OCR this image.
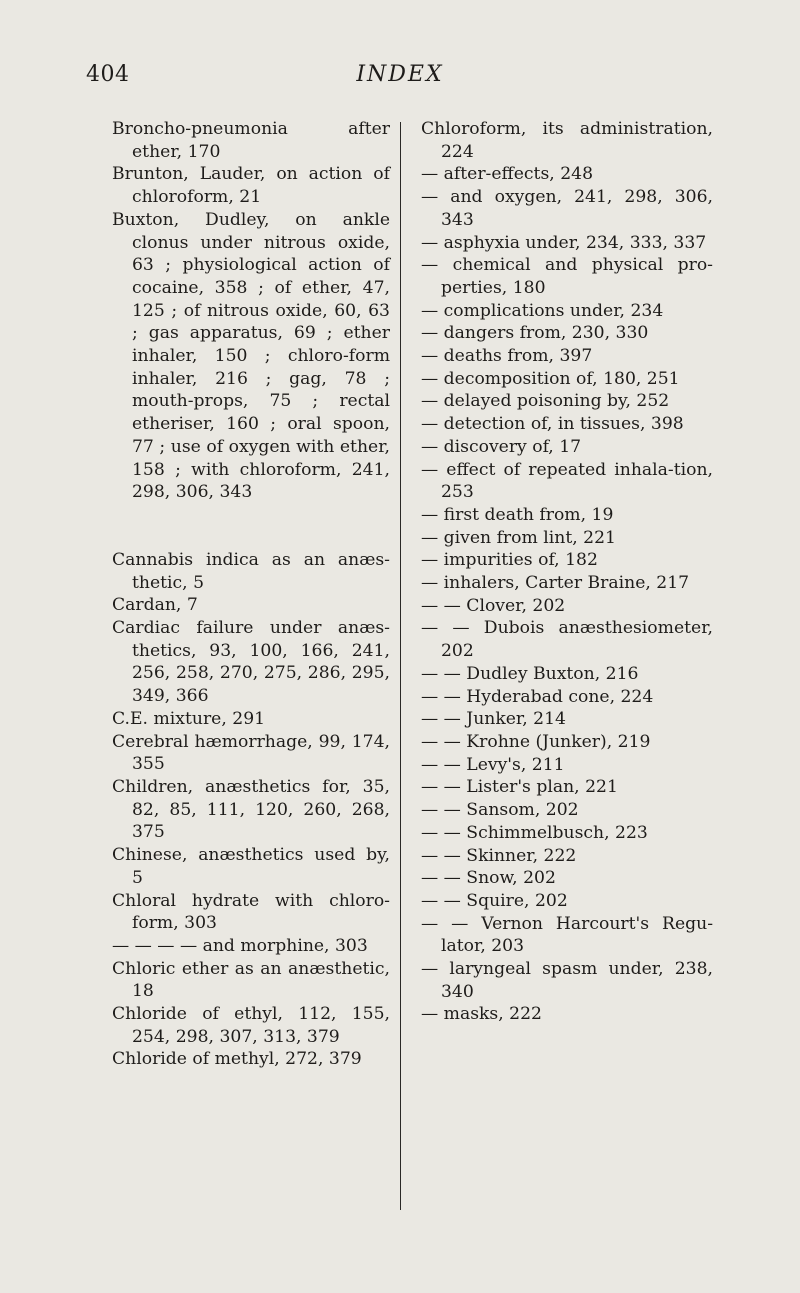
404	INDEX
Broncho-pneumonia after ether, 170
Brunton, Lauder, on action of chloroform, 21
Buxton, Dudley, on ankle clonus under nitrous oxide, 63 ; physiological action of cocaine, 358 ; of ether, 47, 125 ; of nitrous oxide, 60, 63 ; gas apparatus, 69 ; ether inhaler, 150 ; chloro-form inhaler, 216 ; gag, 78 ; mouth-props, 75 ; rectal etheriser, 160 ; oral spoon, 77 ; use of oxygen with ether, 158 ; with chloroform, 241, 298, 306, 343
Cannabis indica as an anæs-thetic, 5
Cardan, 7
Cardiac failure under anæs-thetics, 93, 100, 166, 241, 256, 258, 270, 275, 286, 295, 349, 366
C.E. mixture, 291
Cerebral hæmorrhage, 99, 174, 355
Children, anæsthetics for, 35, 82, 85, 111, 120, 260, 268, 375
Chinese, anæsthetics used by, 5
Chloral hydrate with chloro-form, 303
— — — — and morphine, 303
Chloric ether as an anæsthetic, 18
Chloride of ethyl, 112, 155, 254, 298, 307, 313, 379
Chloride of methyl, 272, 379
Chloroform, its administration, 224
— after-effects, 248
— and oxygen, 241, 298, 306, 343
— asphyxia under, 234, 333, 337
— chemical and physical pro-perties, 180
— complications under, 234
— dangers from, 230, 330
— deaths from, 397
— decomposition of, 180, 251
— delayed poisoning by, 252
— detection of, in tissues, 398
— discovery of, 17
— effect of repeated inhala-tion, 253
— first death from, 19
— given from lint, 221
— impurities of, 182
— inhalers, Carter Braine, 217
— — Clover, 202
— — Dubois anæsthesiometer, 202
— — Dudley Buxton, 216
— — Hyderabad cone, 224
— — Junker, 214
— — Krohne (Junker), 219
— — Levy's, 211
— — Lister's plan, 221
— — Sansom, 202
— — Schimmelbusch, 223
— — Skinner, 222
— — Snow, 202
— — Squire, 202
— — Vernon Harcourt's Regu-lator, 203
— laryngeal spasm under, 238, 340
— masks, 222
